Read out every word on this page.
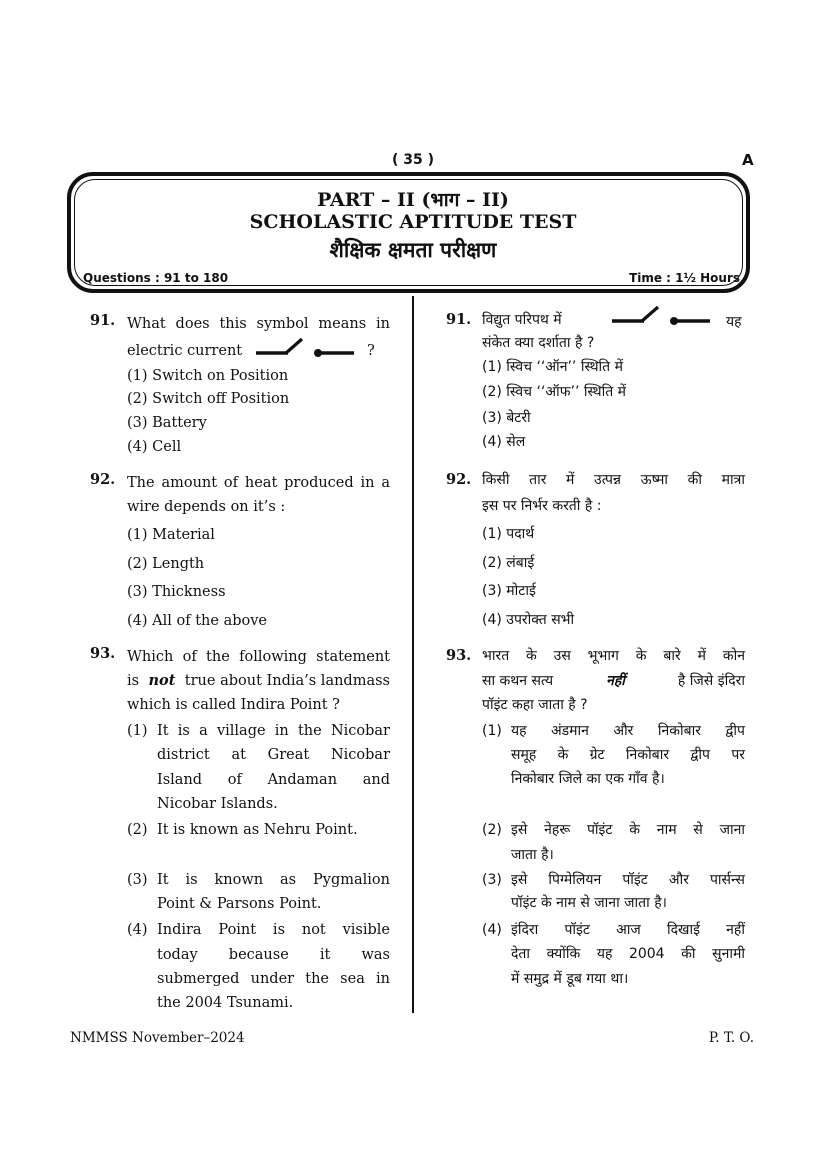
( 35 )	A
PART – II (भाग – II)
SCHOLASTIC APTITUDE TEST
शैक्षिक क्षमता परीक्षण
Questions : 91 to 180	Time : 1½ Hours
91. What does this symbol means in
electric current	?
(1) Switch on Position
(2) Switch off Position
(3) Battery
(4) Cell
91. विद्युत परिपथ में	यह
संकेत क्या दर्शाता है ?
(1) स्विच ‘‘ऑन’’ स्थिति में
(2) स्विच ‘‘ऑफ’’ स्थिति में
(3) बेटरी
(4) सेल
92. The amount of heat produced in a
wire depends on it’s :
(1) Material
(2) Length
(3) Thickness
(4) All of the above
92. किसी तार में उत्पन्न ऊष्मा की मात्रा
इस पर निर्भर करती है :
(1) पदार्थ
(2) लंबाई
(3) मोटाई
(4) उपरोक्त सभी
93. Which of the following statement
is not true about India’s landmass
which is called Indira Point ?
(1) It is a village in the Nicobar
district at Great Nicobar
Island of Andaman and
Nicobar Islands.
(2) It is known as Nehru Point.
(3) It is known as Pygmalion
Point & Parsons Point.
(4) Indira Point is not visible
today because it was
submerged under the sea in
the 2004 Tsunami.
93. भारत के उस भूभाग के बारे में कोन
सा कथन सत्य	नहीं	है जिसे इंदिरा
पॉइंट कहा जाता है ?
(1) यह अंडमान और निकोबार द्वीप
समूह के ग्रेट निकोबार द्वीप पर
निकोबार जिले का एक गाँव है।
(2) इसे नेहरू पॉइंट के नाम से जाना
जाता है।
(3) इसे पिग्मेलियन पॉइंट और पार्सन्स
पॉइंट के नाम से जाना जाता है।
(4) इंदिरा पॉइंट आज दिखाई नहीं
देता क्योंकि यह 2004 की सुनामी
में समुद्र में डूब गया था।
NMMSS November–2024	P. T. O.
